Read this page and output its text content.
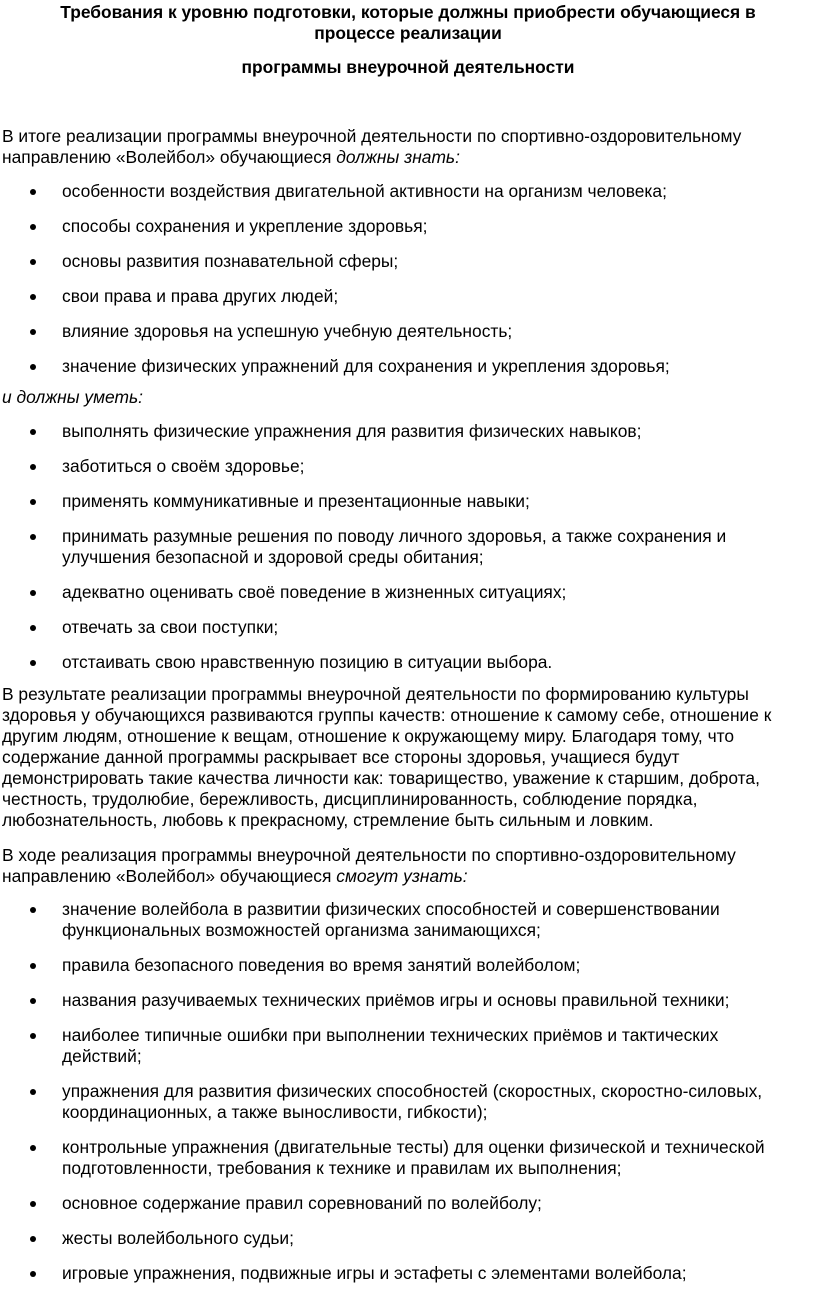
Требования к уровню подготовки, которые должны приобрести обучающиеся в процессе реализации

программы внеурочной деятельности

В итоге реализации программы внеурочной деятельности по спортивно-оздоровительному направлению «Волейбол» обучающиеся должны знать:

особенности воздействия двигательной активности на организм человека;
способы сохранения и укрепление здоровья;
основы развития познавательной сферы;
свои права и права других людей;
влияние здоровья на успешную учебную деятельность;
значение физических упражнений для сохранения и укрепления здоровья;

и должны уметь:

выполнять физические упражнения для развития физических навыков;
заботиться о своём здоровье;
применять коммуникативные и презентационные навыки;
принимать разумные решения по поводу личного здоровья, а также сохранения и улучшения безопасной и здоровой среды обитания;
адекватно оценивать своё поведение в жизненных ситуациях;
отвечать за свои поступки;
отстаивать свою нравственную позицию в ситуации выбора.

В результате реализации программы внеурочной деятельности по формированию культуры здоровья у обучающихся развиваются группы качеств: отношение к самому себе, отношение к другим людям, отношение к вещам, отношение к окружающему миру. Благодаря тому, что содержание данной программы раскрывает все стороны здоровья, учащиеся будут демонстрировать такие качества личности как: товарищество, уважение к старшим, доброта, честность, трудолюбие, бережливость, дисциплинированность, соблюдение порядка, любознательность, любовь к прекрасному, стремление быть сильным и ловким.

В ходе реализация программы внеурочной деятельности по спортивно-оздоровительному направлению «Волейбол» обучающиеся смогут узнать:

значение волейбола в развитии физических способностей и совершенствовании функциональных возможностей организма занимающихся;
правила безопасного поведения во время занятий волейболом;
названия разучиваемых технических приёмов игры и основы правильной техники;
наиболее типичные ошибки при выполнении технических приёмов и тактических действий;
упражнения для развития физических способностей (скоростных, скоростно-силовых, координационных, а также выносливости, гибкости);
контрольные упражнения (двигательные тесты) для оценки физической и технической подготовленности, требования к технике и правилам их выполнения;
основное содержание правил соревнований по волейболу;
жесты волейбольного судьи;
игровые упражнения, подвижные игры и эстафеты с элементами волейбола;
